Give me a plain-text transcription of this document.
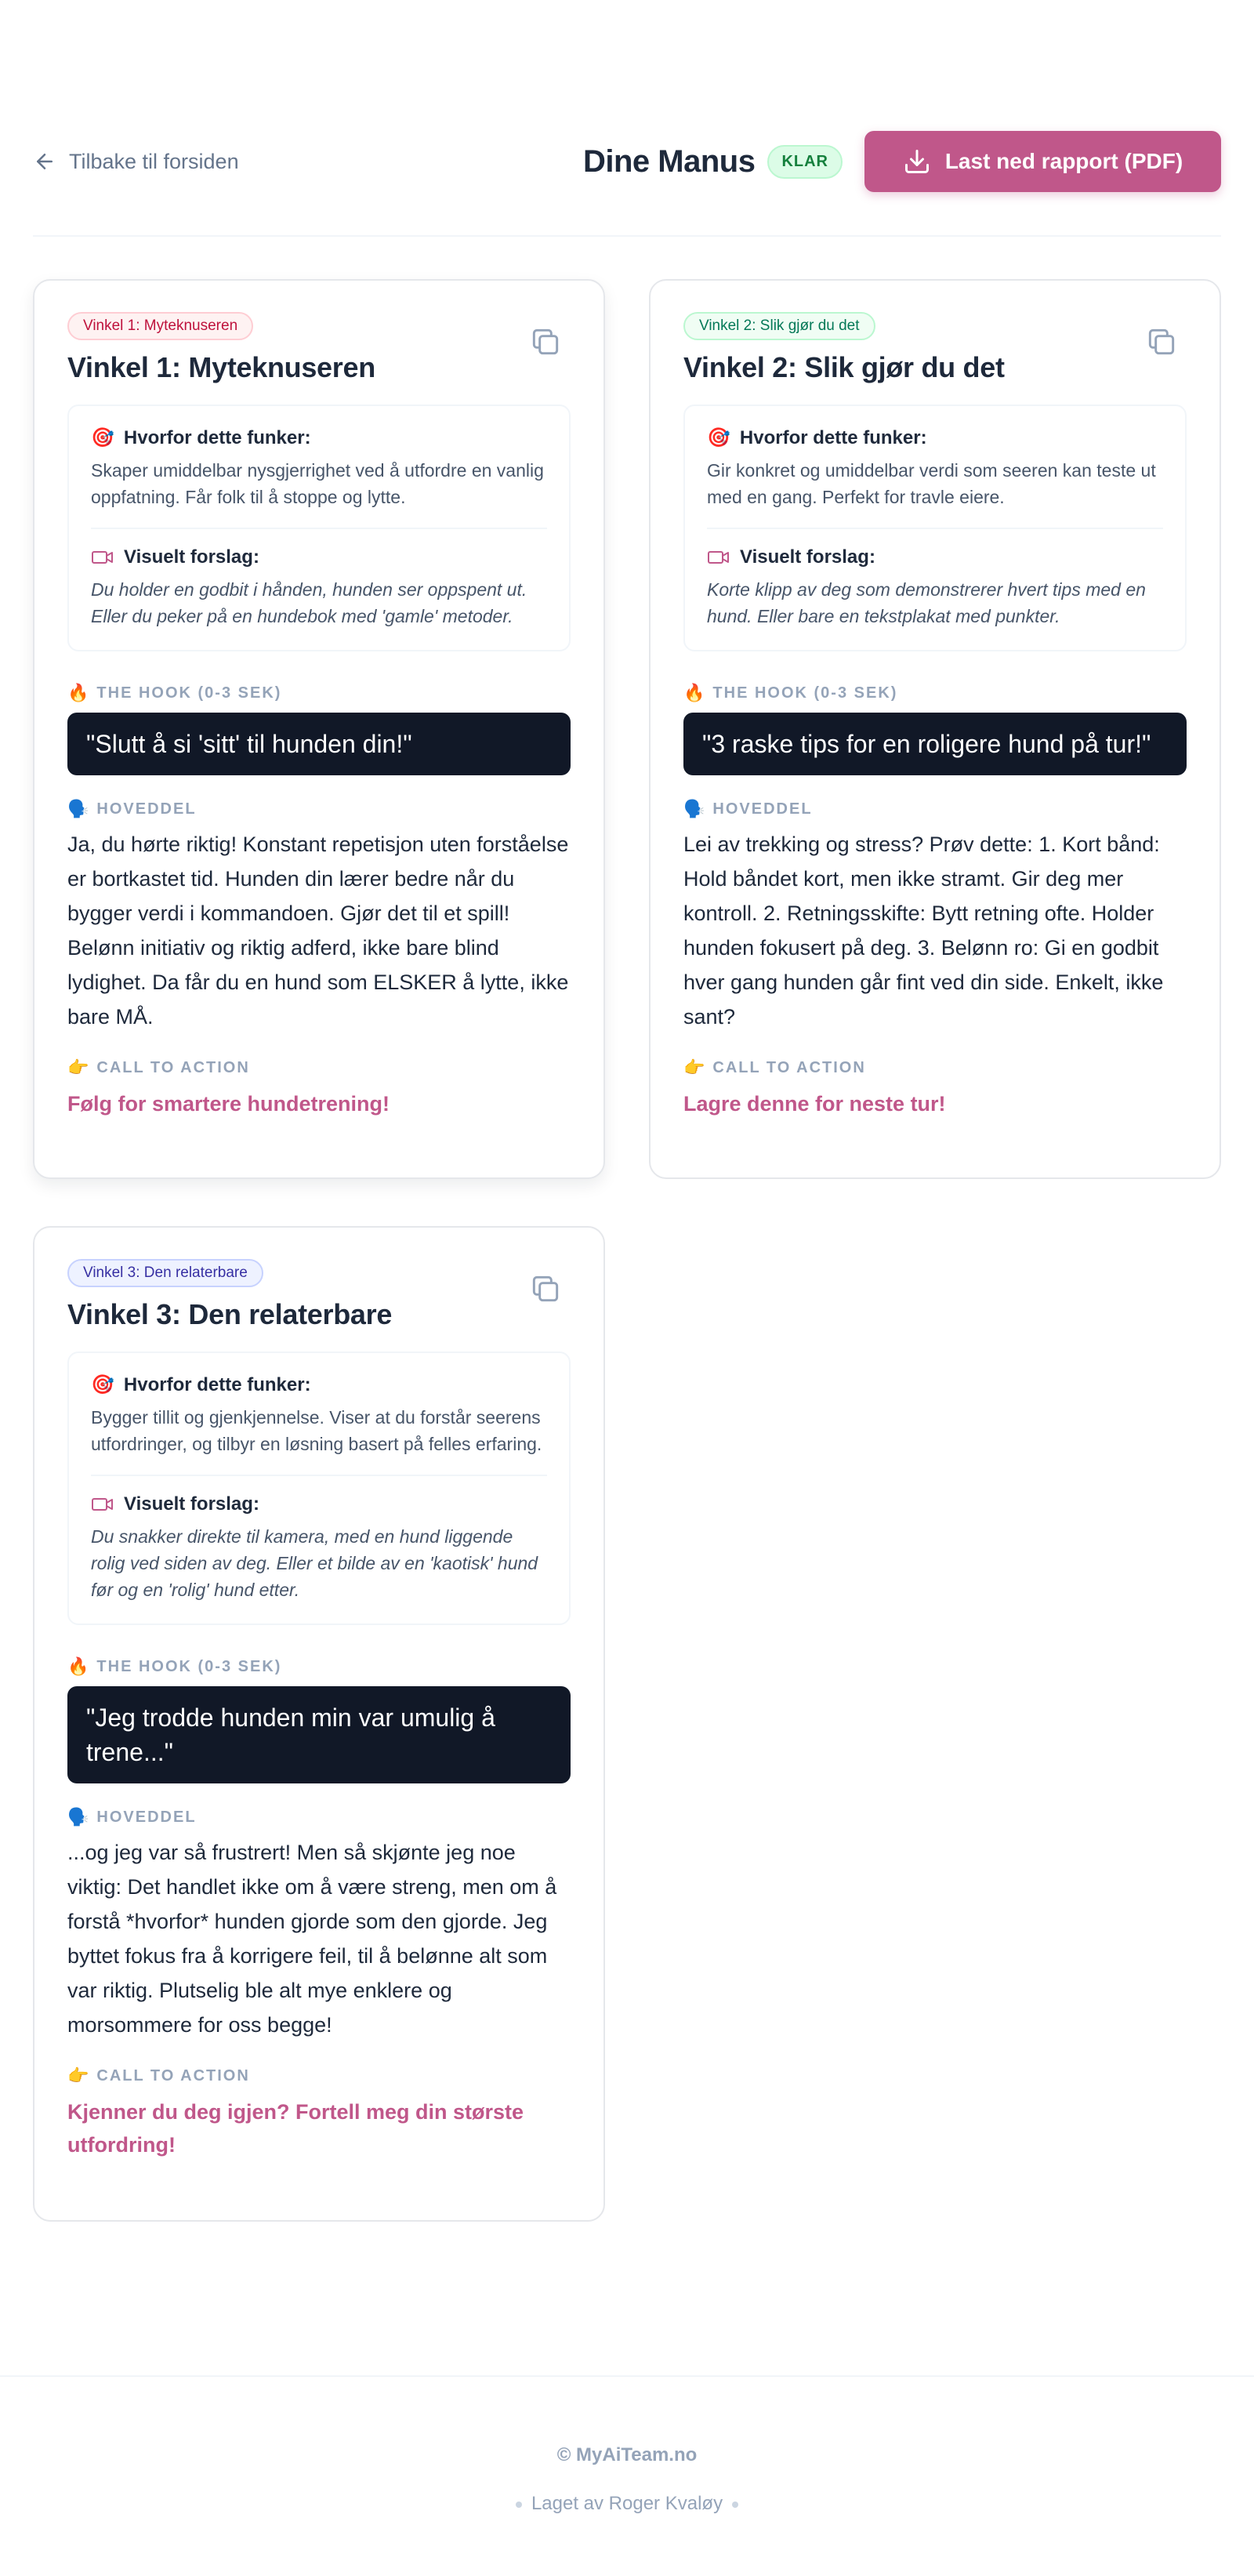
Tilbake til forsiden	Dine Manus	KLAR	Last ned rapport (PDF)
Vinkel 1: Myteknuseren
Vinkel 1: Myteknuseren
🎯 Hvorfor dette funker:
Skaper umiddelbar nysgjerrighet ved å utfordre en vanlig oppfatning. Får folk til å stoppe og lytte.
Visuelt forslag:
Du holder en godbit i hånden, hunden ser oppspent ut. Eller du peker på en hundebok med 'gamle' metoder.
🔥 THE HOOK (0-3 SEK)
"Slutt å si 'sitt' til hunden din!"
🗣️ HOVEDDEL
Ja, du hørte riktig! Konstant repetisjon uten forståelse er bortkastet tid. Hunden din lærer bedre når du bygger verdi i kommandoen. Gjør det til et spill! Belønn initiativ og riktig adferd, ikke bare blind lydighet. Da får du en hund som ELSKER å lytte, ikke bare MÅ.
👉 CALL TO ACTION
Følg for smartere hundetrening!
Vinkel 2: Slik gjør du det
Vinkel 2: Slik gjør du det
🎯 Hvorfor dette funker:
Gir konkret og umiddelbar verdi som seeren kan teste ut med en gang. Perfekt for travle eiere.
Visuelt forslag:
Korte klipp av deg som demonstrerer hvert tips med en hund. Eller bare en tekstplakat med punkter.
🔥 THE HOOK (0-3 SEK)
"3 raske tips for en roligere hund på tur!"
🗣️ HOVEDDEL
Lei av trekking og stress? Prøv dette: 1. Kort bånd: Hold båndet kort, men ikke stramt. Gir deg mer kontroll. 2. Retningsskifte: Bytt retning ofte. Holder hunden fokusert på deg. 3. Belønn ro: Gi en godbit hver gang hunden går fint ved din side. Enkelt, ikke sant?
👉 CALL TO ACTION
Lagre denne for neste tur!
Vinkel 3: Den relaterbare
Vinkel 3: Den relaterbare
🎯 Hvorfor dette funker:
Bygger tillit og gjenkjennelse. Viser at du forstår seerens utfordringer, og tilbyr en løsning basert på felles erfaring.
Visuelt forslag:
Du snakker direkte til kamera, med en hund liggende rolig ved siden av deg. Eller et bilde av en 'kaotisk' hund før og en 'rolig' hund etter.
🔥 THE HOOK (0-3 SEK)
"Jeg trodde hunden min var umulig å trene..."
🗣️ HOVEDDEL
...og jeg var så frustrert! Men så skjønte jeg noe viktig: Det handlet ikke om å være streng, men om å forstå *hvorfor* hunden gjorde som den gjorde. Jeg byttet fokus fra å korrigere feil, til å belønne alt som var riktig. Plutselig ble alt mye enklere og morsommere for oss begge!
👉 CALL TO ACTION
Kjenner du deg igjen? Fortell meg din største utfordring!
© MyAiTeam.no
Laget av Roger Kvaløy
